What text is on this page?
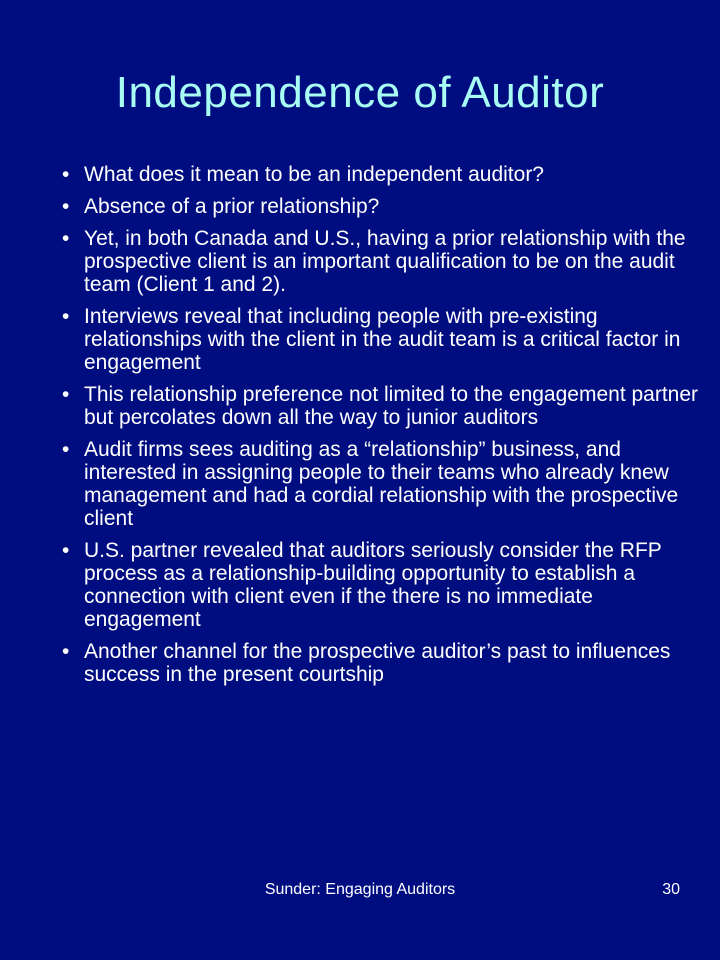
Independence of Auditor
• What does it mean to be an independent auditor?
• Absence of a prior relationship?
• Yet, in both Canada and U.S., having a prior relationship with the prospective client is an important qualification to be on the audit team (Client 1 and 2).
• Interviews reveal that including people with pre-existing relationships with the client in the audit team is a critical factor in engagement
• This relationship preference not limited to the engagement partner but percolates down all the way to junior auditors
• Audit firms sees auditing as a “relationship” business, and interested in assigning people to their teams who already knew management and had a cordial relationship with the prospective client
• U.S. partner revealed that auditors seriously consider the RFP process as a relationship-building opportunity to establish a connection with client even if the there is no immediate engagement
• Another channel for the prospective auditor’s past to influences success in the present courtship
Sunder: Engaging Auditors	30
